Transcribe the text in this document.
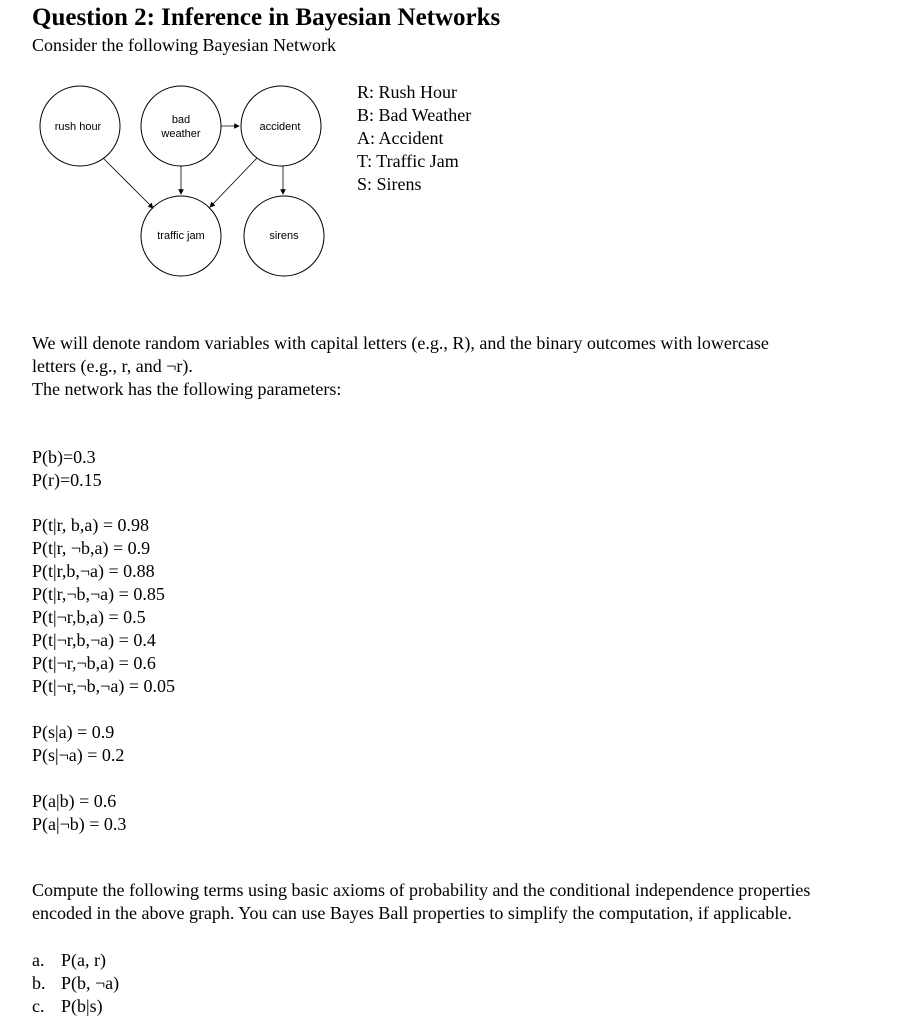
Question 2: Inference in Bayesian Networks
Consider the following Bayesian Network
rush hour
bad
weather
accident
traffic jam	sirens
R: Rush Hour
B: Bad Weather
A: Accident
T: Traffic Jam
S: Sirens
We will denote random variables with capital letters (e.g., R), and the binary outcomes with lowercase
letters (e.g., r, and ¬r).
The network has the following parameters:
P(b)=0.3
P(r)=0.15
P(t|r, b,a) = 0.98
P(t|r, ¬b,a) = 0.9
P(t|r,b,¬a) = 0.88
P(t|r,¬b,¬a) = 0.85
P(t|¬r,b,a) = 0.5
P(t|¬r,b,¬a) = 0.4
P(t|¬r,¬b,a) = 0.6
P(t|¬r,¬b,¬a) = 0.05
P(s|a) = 0.9
P(s|¬a) = 0.2
P(a|b) = 0.6
P(a|¬b) = 0.3
Compute the following terms using basic axioms of probability and the conditional independence properties
encoded in the above graph. You can use Bayes Ball properties to simplify the computation, if applicable.
a. P(a, r)
b. P(b, ¬a)
c. P(b|s)
